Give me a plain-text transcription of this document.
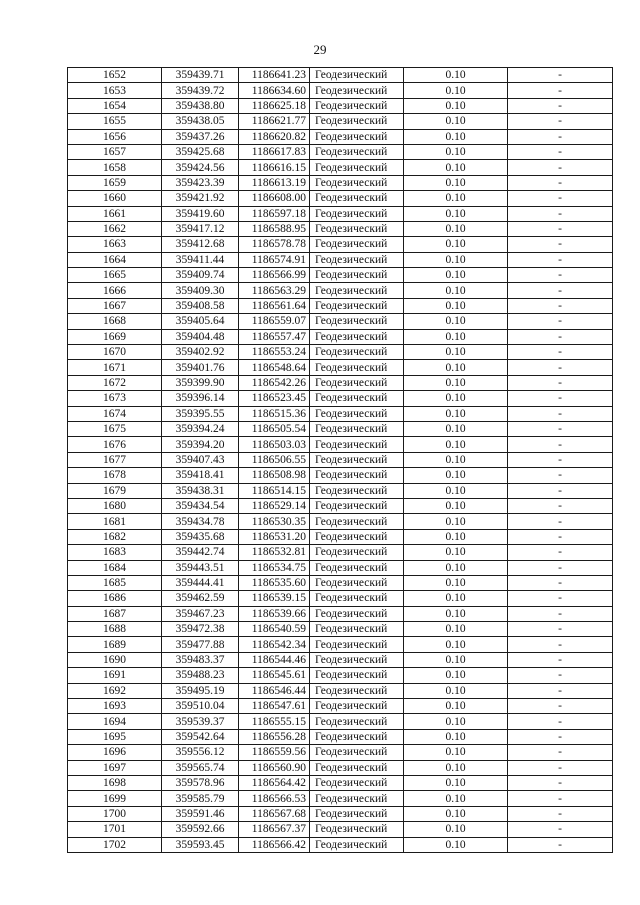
29
1652	359439.71	1186641.23	Геодезический	0.10	-
1653	359439.72	1186634.60	Геодезический	0.10	-
1654	359438.80	1186625.18	Геодезический	0.10	-
1655	359438.05	1186621.77	Геодезический	0.10	-
1656	359437.26	1186620.82	Геодезический	0.10	-
1657	359425.68	1186617.83	Геодезический	0.10	-
1658	359424.56	1186616.15	Геодезический	0.10	-
1659	359423.39	1186613.19	Геодезический	0.10	-
1660	359421.92	1186608.00	Геодезический	0.10	-
1661	359419.60	1186597.18	Геодезический	0.10	-
1662	359417.12	1186588.95	Геодезический	0.10	-
1663	359412.68	1186578.78	Геодезический	0.10	-
1664	359411.44	1186574.91	Геодезический	0.10	-
1665	359409.74	1186566.99	Геодезический	0.10	-
1666	359409.30	1186563.29	Геодезический	0.10	-
1667	359408.58	1186561.64	Геодезический	0.10	-
1668	359405.64	1186559.07	Геодезический	0.10	-
1669	359404.48	1186557.47	Геодезический	0.10	-
1670	359402.92	1186553.24	Геодезический	0.10	-
1671	359401.76	1186548.64	Геодезический	0.10	-
1672	359399.90	1186542.26	Геодезический	0.10	-
1673	359396.14	1186523.45	Геодезический	0.10	-
1674	359395.55	1186515.36	Геодезический	0.10	-
1675	359394.24	1186505.54	Геодезический	0.10	-
1676	359394.20	1186503.03	Геодезический	0.10	-
1677	359407.43	1186506.55	Геодезический	0.10	-
1678	359418.41	1186508.98	Геодезический	0.10	-
1679	359438.31	1186514.15	Геодезический	0.10	-
1680	359434.54	1186529.14	Геодезический	0.10	-
1681	359434.78	1186530.35	Геодезический	0.10	-
1682	359435.68	1186531.20	Геодезический	0.10	-
1683	359442.74	1186532.81	Геодезический	0.10	-
1684	359443.51	1186534.75	Геодезический	0.10	-
1685	359444.41	1186535.60	Геодезический	0.10	-
1686	359462.59	1186539.15	Геодезический	0.10	-
1687	359467.23	1186539.66	Геодезический	0.10	-
1688	359472.38	1186540.59	Геодезический	0.10	-
1689	359477.88	1186542.34	Геодезический	0.10	-
1690	359483.37	1186544.46	Геодезический	0.10	-
1691	359488.23	1186545.61	Геодезический	0.10	-
1692	359495.19	1186546.44	Геодезический	0.10	-
1693	359510.04	1186547.61	Геодезический	0.10	-
1694	359539.37	1186555.15	Геодезический	0.10	-
1695	359542.64	1186556.28	Геодезический	0.10	-
1696	359556.12	1186559.56	Геодезический	0.10	-
1697	359565.74	1186560.90	Геодезический	0.10	-
1698	359578.96	1186564.42	Геодезический	0.10	-
1699	359585.79	1186566.53	Геодезический	0.10	-
1700	359591.46	1186567.68	Геодезический	0.10	-
1701	359592.66	1186567.37	Геодезический	0.10	-
1702	359593.45	1186566.42	Геодезический	0.10	-
